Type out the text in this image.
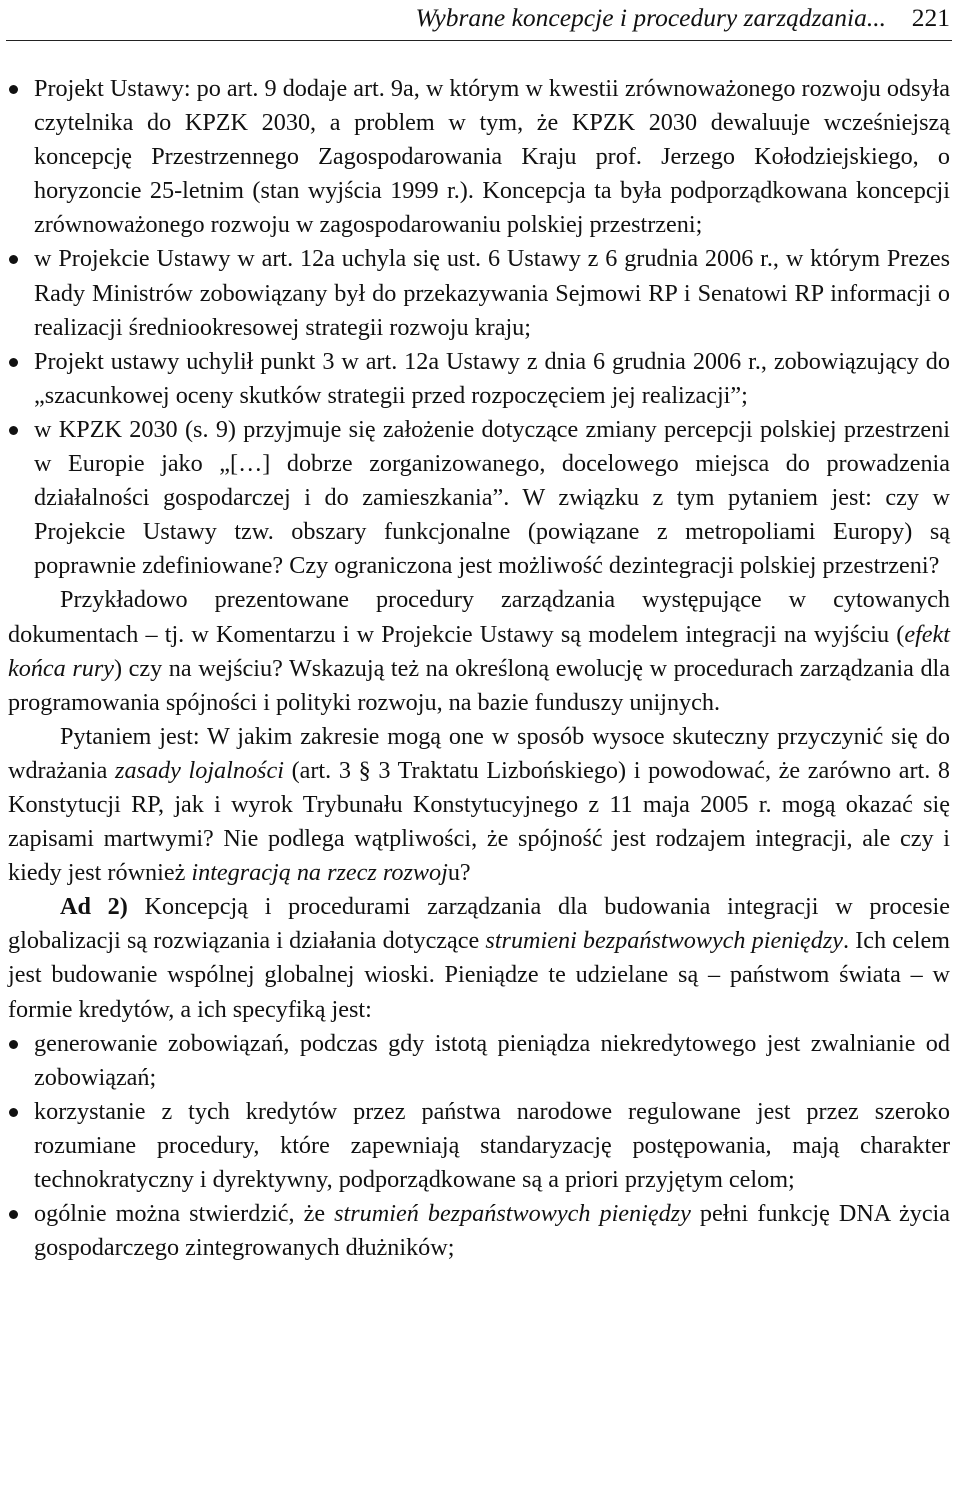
Wybrane koncepcje i procedury zarządzania... 221
Projekt Ustawy: po art. 9 dodaje art. 9a, w którym w kwestii zrównoważonego rozwoju odsyła czytelnika do KPZK 2030, a problem w tym, że KPZK 2030 dewaluuje wcześniejszą koncepcję Przestrzennego Zagospodarowania Kraju prof. Jerzego Kołodziejskiego, o horyzoncie 25-letnim (stan wyjścia 1999 r.). Koncepcja ta była podporządkowana koncepcji zrównoważonego rozwoju w zagospodarowaniu polskiej przestrzeni;
w Projekcie Ustawy w art. 12a uchyla się ust. 6 Ustawy z 6 grudnia 2006 r., w którym Prezes Rady Ministrów zobowiązany był do przekazywania Sejmowi RP i Senatowi RP informacji o realizacji średniookresowej strategii rozwoju kraju;
Projekt ustawy uchylił punkt 3 w art. 12a Ustawy z dnia 6 grudnia 2006 r., zobowiązujący do „szacunkowej oceny skutków strategii przed rozpoczęciem jej realizacji”;
w KPZK 2030 (s. 9) przyjmuje się założenie dotyczące zmiany percepcji polskiej przestrzeni w Europie jako „[…] dobrze zorganizowanego, docelowego miejsca do prowadzenia działalności gospodarczej i do zamieszkania”. W związku z tym pytaniem jest: czy w Projekcie Ustawy tzw. obszary funkcjonalne (powiązane z metropoliami Europy) są poprawnie zdefiniowane? Czy ograniczona jest możliwość dezintegracji polskiej przestrzeni?

Przykładowo prezentowane procedury zarządzania występujące w cytowanych dokumentach – tj. w Komentarzu i w Projekcie Ustawy są modelem integracji na wyjściu (efekt końca rury) czy na wejściu? Wskazują też na określoną ewolucję w procedurach zarządzania dla programowania spójności i polityki rozwoju, na bazie funduszy unijnych.

Pytaniem jest: W jakim zakresie mogą one w sposób wysoce skuteczny przyczynić się do wdrażania zasady lojalności (art. 3 § 3 Traktatu Lizbońskiego) i powodować, że zarówno art. 8 Konstytucji RP, jak i wyrok Trybunału Konstytucyjnego z 11 maja 2005 r. mogą okazać się zapisami martwymi? Nie podlega wątpliwości, że spójność jest rodzajem integracji, ale czy i kiedy jest również integracją na rzecz rozwoju?

Ad 2) Koncepcją i procedurami zarządzania dla budowania integracji w procesie globalizacji są rozwiązania i działania dotyczące strumieni bezpaństwowych pieniędzy. Ich celem jest budowanie wspólnej globalnej wioski. Pieniądze te udzielane są – państwom świata – w formie kredytów, a ich specyfiką jest:

generowanie zobowiązań, podczas gdy istotą pieniądza niekredytowego jest zwalnianie od zobowiązań;
korzystanie z tych kredytów przez państwa narodowe regulowane jest przez szeroko rozumiane procedury, które zapewniają standaryzację postępowania, mają charakter technokratyczny i dyrektywny, podporządkowane są a priori przyjętym celom;
ogólnie można stwierdzić, że strumień bezpaństwowych pieniędzy pełni funkcję DNA życia gospodarczego zintegrowanych dłużników;
